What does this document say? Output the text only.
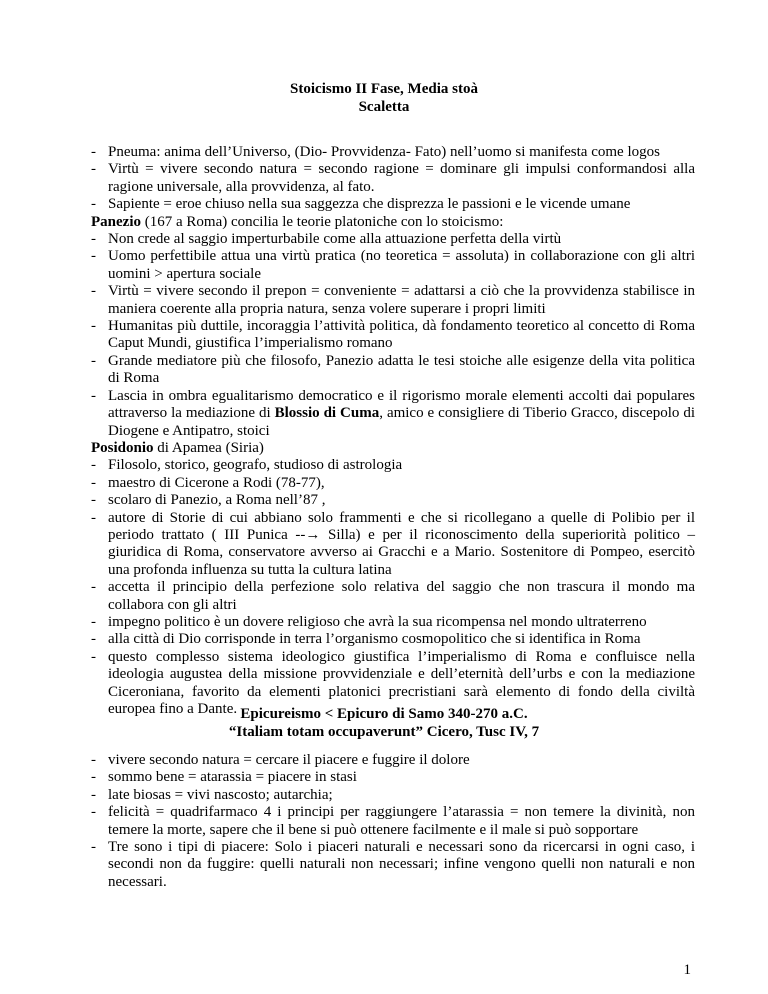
Stoicismo II Fase, Media stoà
Scaletta
- Pneuma: anima dell’Universo, (Dio- Provvidenza- Fato) nell’uomo si manifesta come logos
- Virtù = vivere secondo natura = secondo ragione = dominare gli impulsi conformandosi alla ragione universale, alla provvidenza, al fato.
- Sapiente = eroe chiuso nella sua saggezza che disprezza le passioni e le vicende umane
Panezio (167 a Roma) concilia le teorie platoniche con lo stoicismo:
- Non crede al saggio imperturbabile come alla attuazione perfetta della virtù
- Uomo perfettibile attua una virtù pratica (no teoretica = assoluta) in collaborazione con gli altri uomini > apertura sociale
- Virtù = vivere secondo il prepon = conveniente = adattarsi a ciò che la provvidenza stabilisce in maniera coerente alla propria natura, senza volere superare i propri limiti
- Humanitas più duttile, incoraggia l’attività politica, dà fondamento teoretico al concetto di Roma Caput Mundi, giustifica l’imperialismo romano
- Grande mediatore più che filosofo, Panezio adatta le tesi stoiche alle esigenze della vita politica di Roma
- Lascia in ombra egualitarismo democratico e il rigorismo morale elementi accolti dai populares attraverso la mediazione di Blossio di Cuma, amico e consigliere di Tiberio Gracco, discepolo di Diogene e Antipatro, stoici
Posidonio di Apamea (Siria)
- Filosolo, storico, geografo, studioso di astrologia
- maestro di Cicerone a Rodi (78-77),
- scolaro di Panezio, a Roma nell’87 ,
- autore di Storie di cui abbiano solo frammenti e che si ricollegano a quelle di Polibio per il periodo trattato ( III Punica --→ Silla) e per il riconoscimento della superiorità politico – giuridica di Roma, conservatore avverso ai Gracchi e a Mario. Sostenitore di Pompeo, esercitò una profonda influenza su tutta la cultura latina
- accetta il principio della perfezione solo relativa del saggio che non trascura il mondo ma collabora con gli altri
- impegno politico è un dovere religioso che avrà la sua ricompensa nel mondo ultraterreno
- alla città di Dio corrisponde in terra l’organismo cosmopolitico che si identifica in Roma
- questo complesso sistema ideologico giustifica l’imperialismo di Roma e confluisce nella ideologia augustea della missione provvidenziale e dell’eternità dell’urbs e con la mediazione Ciceroniana, favorito da elementi platonici precristiani sarà elemento di fondo della civiltà europea fino a Dante. Epicureismo < Epicuro di Samo 340-270 a.C.
“Italiam totam occupaverunt” Cicero, Tusc IV, 7
- vivere secondo natura = cercare il piacere e fuggire il dolore
- sommo bene = atarassia = piacere in stasi
- late biosas = vivi nascosto; autarchia;
- felicità = quadrifarmaco 4 i principi per raggiungere l’atarassia = non temere la divinità, non temere la morte, sapere che il bene si può ottenere facilmente e il male si può sopportare
- Tre sono i tipi di piacere: Solo i piaceri naturali e necessari sono da ricercarsi in ogni caso, i secondi non da fuggire: quelli naturali non necessari; infine vengono quelli non naturali e non necessari.
1
